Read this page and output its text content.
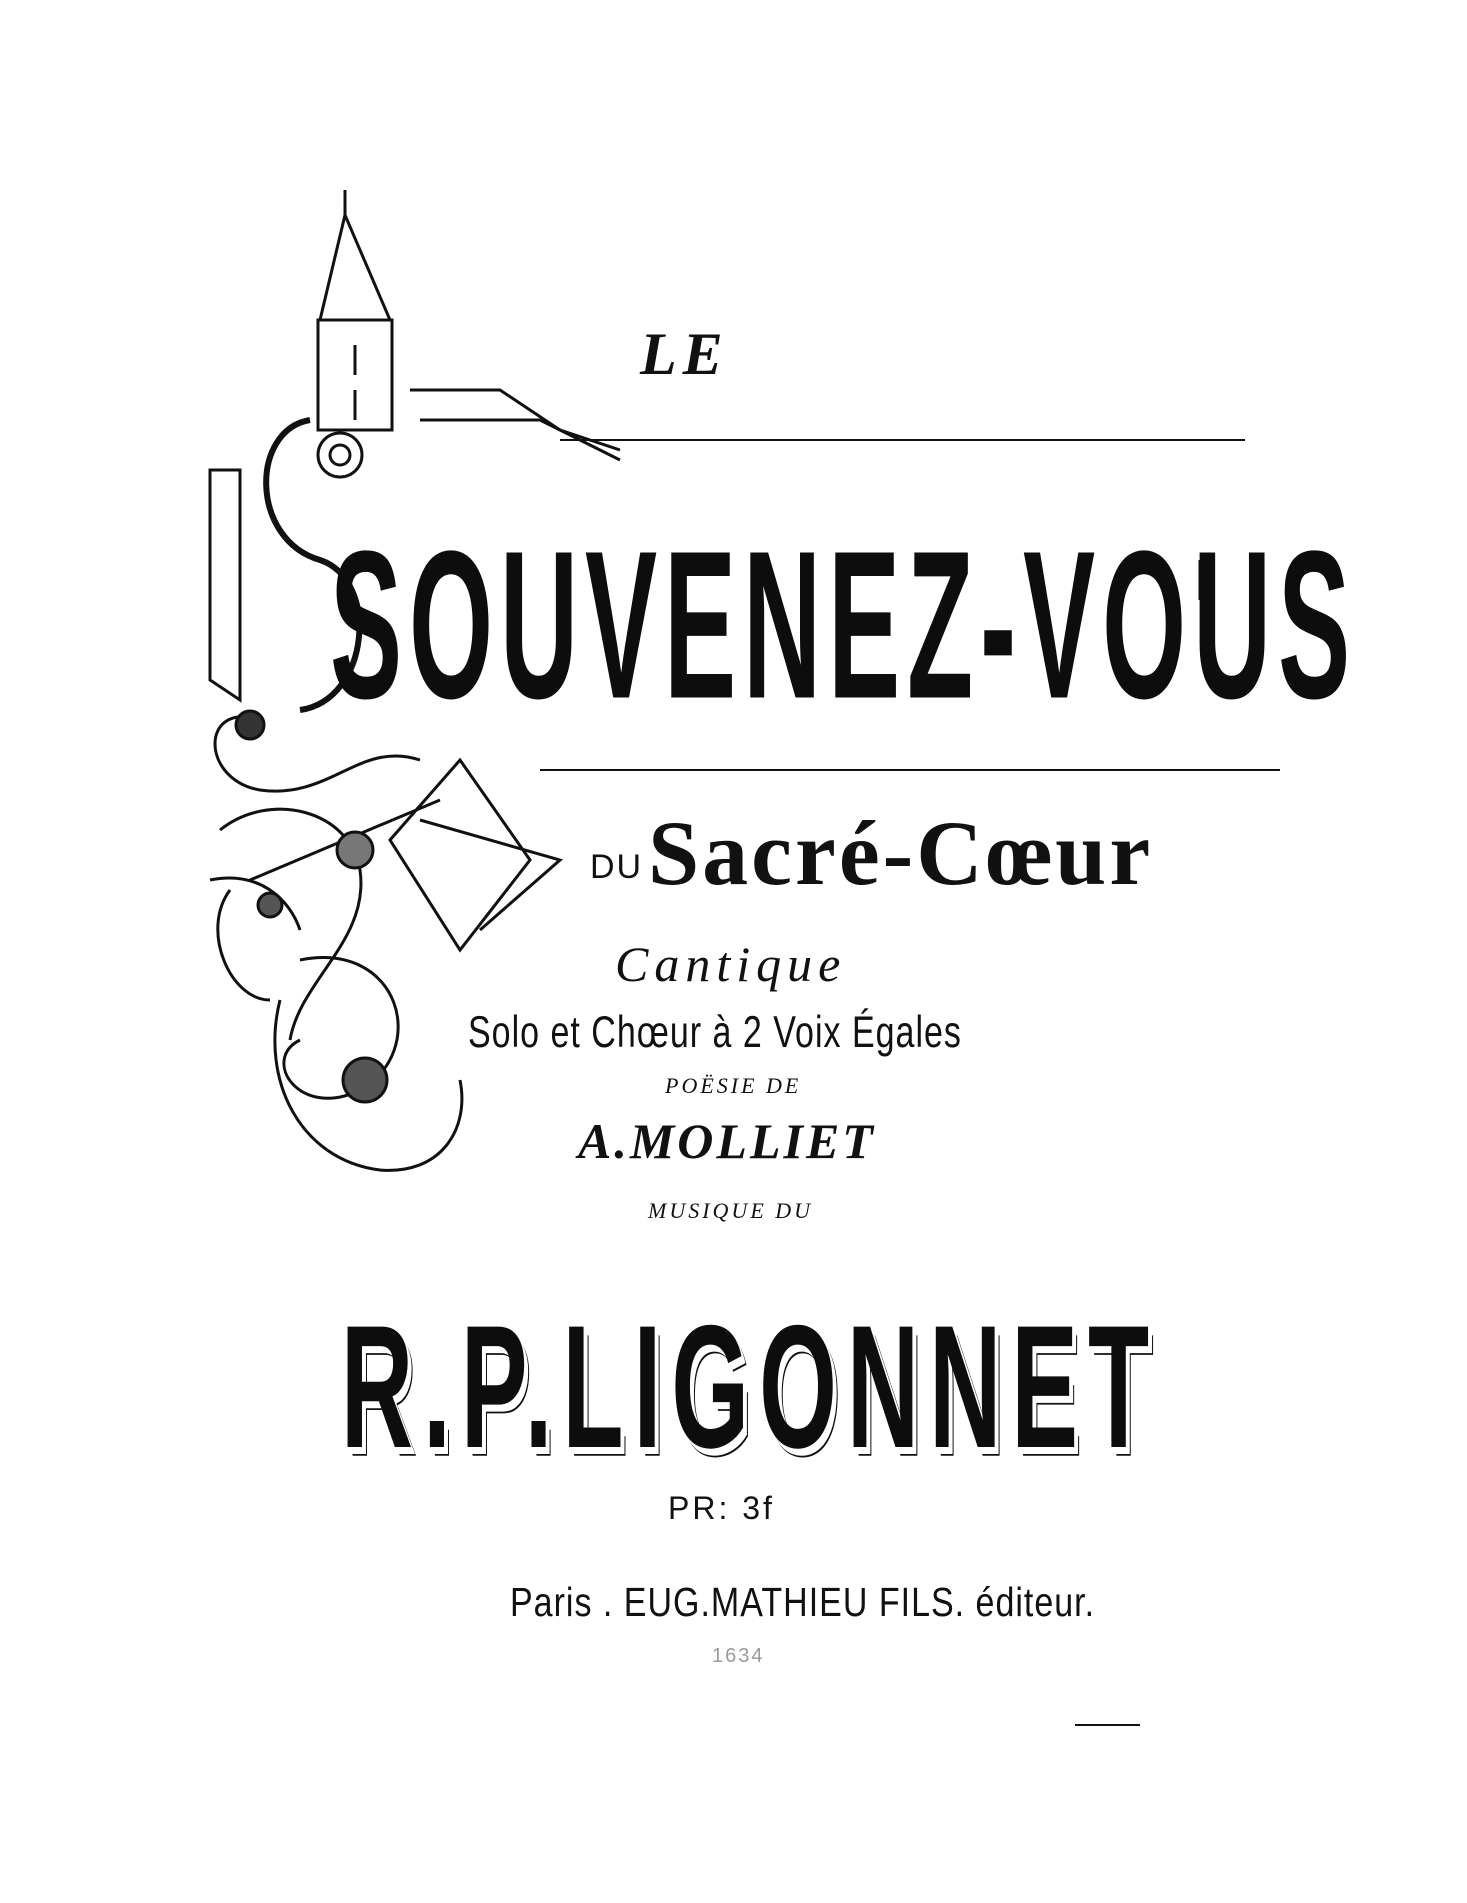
LE

SOUVENEZ-VOUS

DU Sacré-Cœur

Cantique

Solo et Chœur à 2 Voix Égales

POËSIE DE

A.MOLLIET

MUSIQUE DU

R.P.LIGONNET

PR: 3f

Paris . EUG.MATHIEU FILS. éditeur.

1634
